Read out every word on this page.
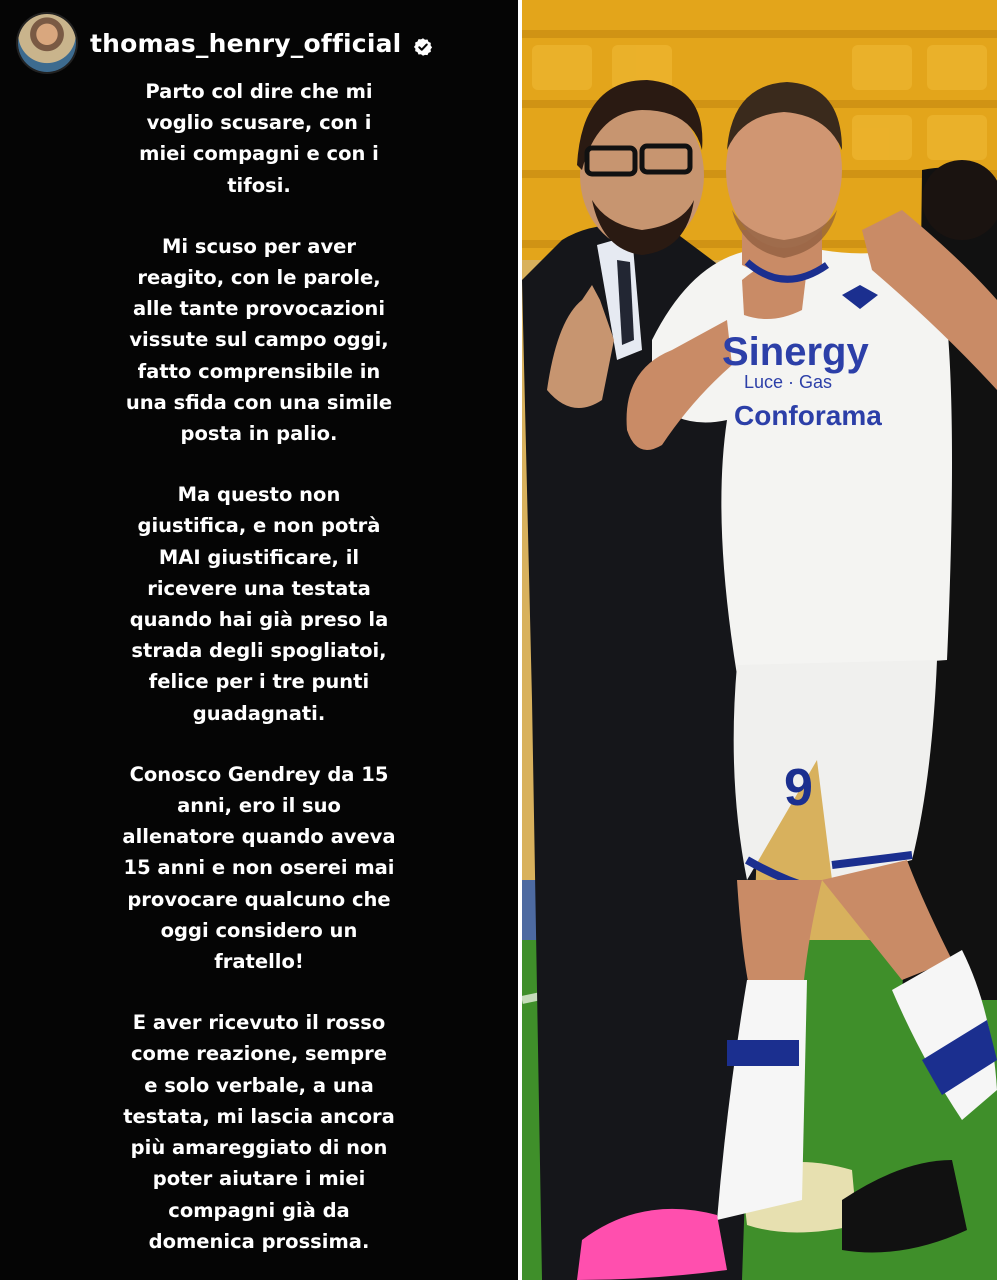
thomas_henry_official

Parto col dire che mi
voglio scusare, con i
miei compagni e con i
tifosi.

Mi scuso per aver
reagito, con le parole,
alle tante provocazioni
vissute sul campo oggi,
fatto comprensibile in
una sfida con una simile
posta in palio.

Ma questo non
giustifica, e non potrà
MAI giustificare, il
ricevere una testata
quando hai già preso la
strada degli spogliatoi,
felice per i tre punti
guadagnati.

Conosco Gendrey da 15
anni, ero il suo
allenatore quando aveva
15 anni e non oserei mai
provocare qualcuno che
oggi considero un
fratello!

E aver ricevuto il rosso
come reazione, sempre
e solo verbale, a una
testata, mi lascia ancora
più amareggiato di non
poter aiutare i miei
compagni già da
domenica prossima.

Sinergy
Luce · Gas
Conforama
9
